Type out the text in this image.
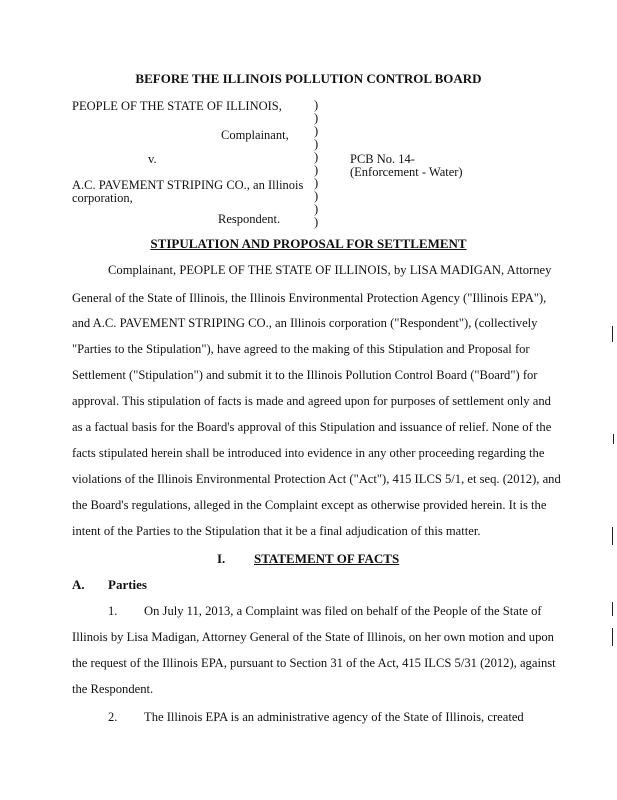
BEFORE THE ILLINOIS POLLUTION CONTROL BOARD
PEOPLE OF THE STATE OF ILLINOIS,
Complainant,
v.
A.C. PAVEMENT STRIPING CO., an Illinois
corporation,
Respondent.
)
)
)
)
)
)
)
)
)
)
PCB No. 14-
(Enforcement - Water)
STIPULATION AND PROPOSAL FOR SETTLEMENT
Complainant, PEOPLE OF THE STATE OF ILLINOIS, by LISA MADIGAN, Attorney
General of the State of Illinois, the Illinois Environmental Protection Agency ("Illinois EPA"),
and A.C. PAVEMENT STRIPING CO., an Illinois corporation ("Respondent"), (collectively
"Parties to the Stipulation"), have agreed to the making of this Stipulation and Proposal for
Settlement ("Stipulation") and submit it to the Illinois Pollution Control Board ("Board") for
approval. This stipulation of facts is made and agreed upon for purposes of settlement only and
as a factual basis for the Board's approval of this Stipulation and issuance of relief. None of the
facts stipulated herein shall be introduced into evidence in any other proceeding regarding the
violations of the Illinois Environmental Protection Act ("Act"), 415 ILCS 5/1, et seq. (2012), and
the Board's regulations, alleged in the Complaint except as otherwise provided herein. It is the
intent of the Parties to the Stipulation that it be a final adjudication of this matter.
I. STATEMENT OF FACTS
A. Parties
1. On July 11, 2013, a Complaint was filed on behalf of the People of the State of
Illinois by Lisa Madigan, Attorney General of the State of Illinois, on her own motion and upon
the request of the Illinois EPA, pursuant to Section 31 of the Act, 415 ILCS 5/31 (2012), against
the Respondent.
2. The Illinois EPA is an administrative agency of the State of Illinois, created
